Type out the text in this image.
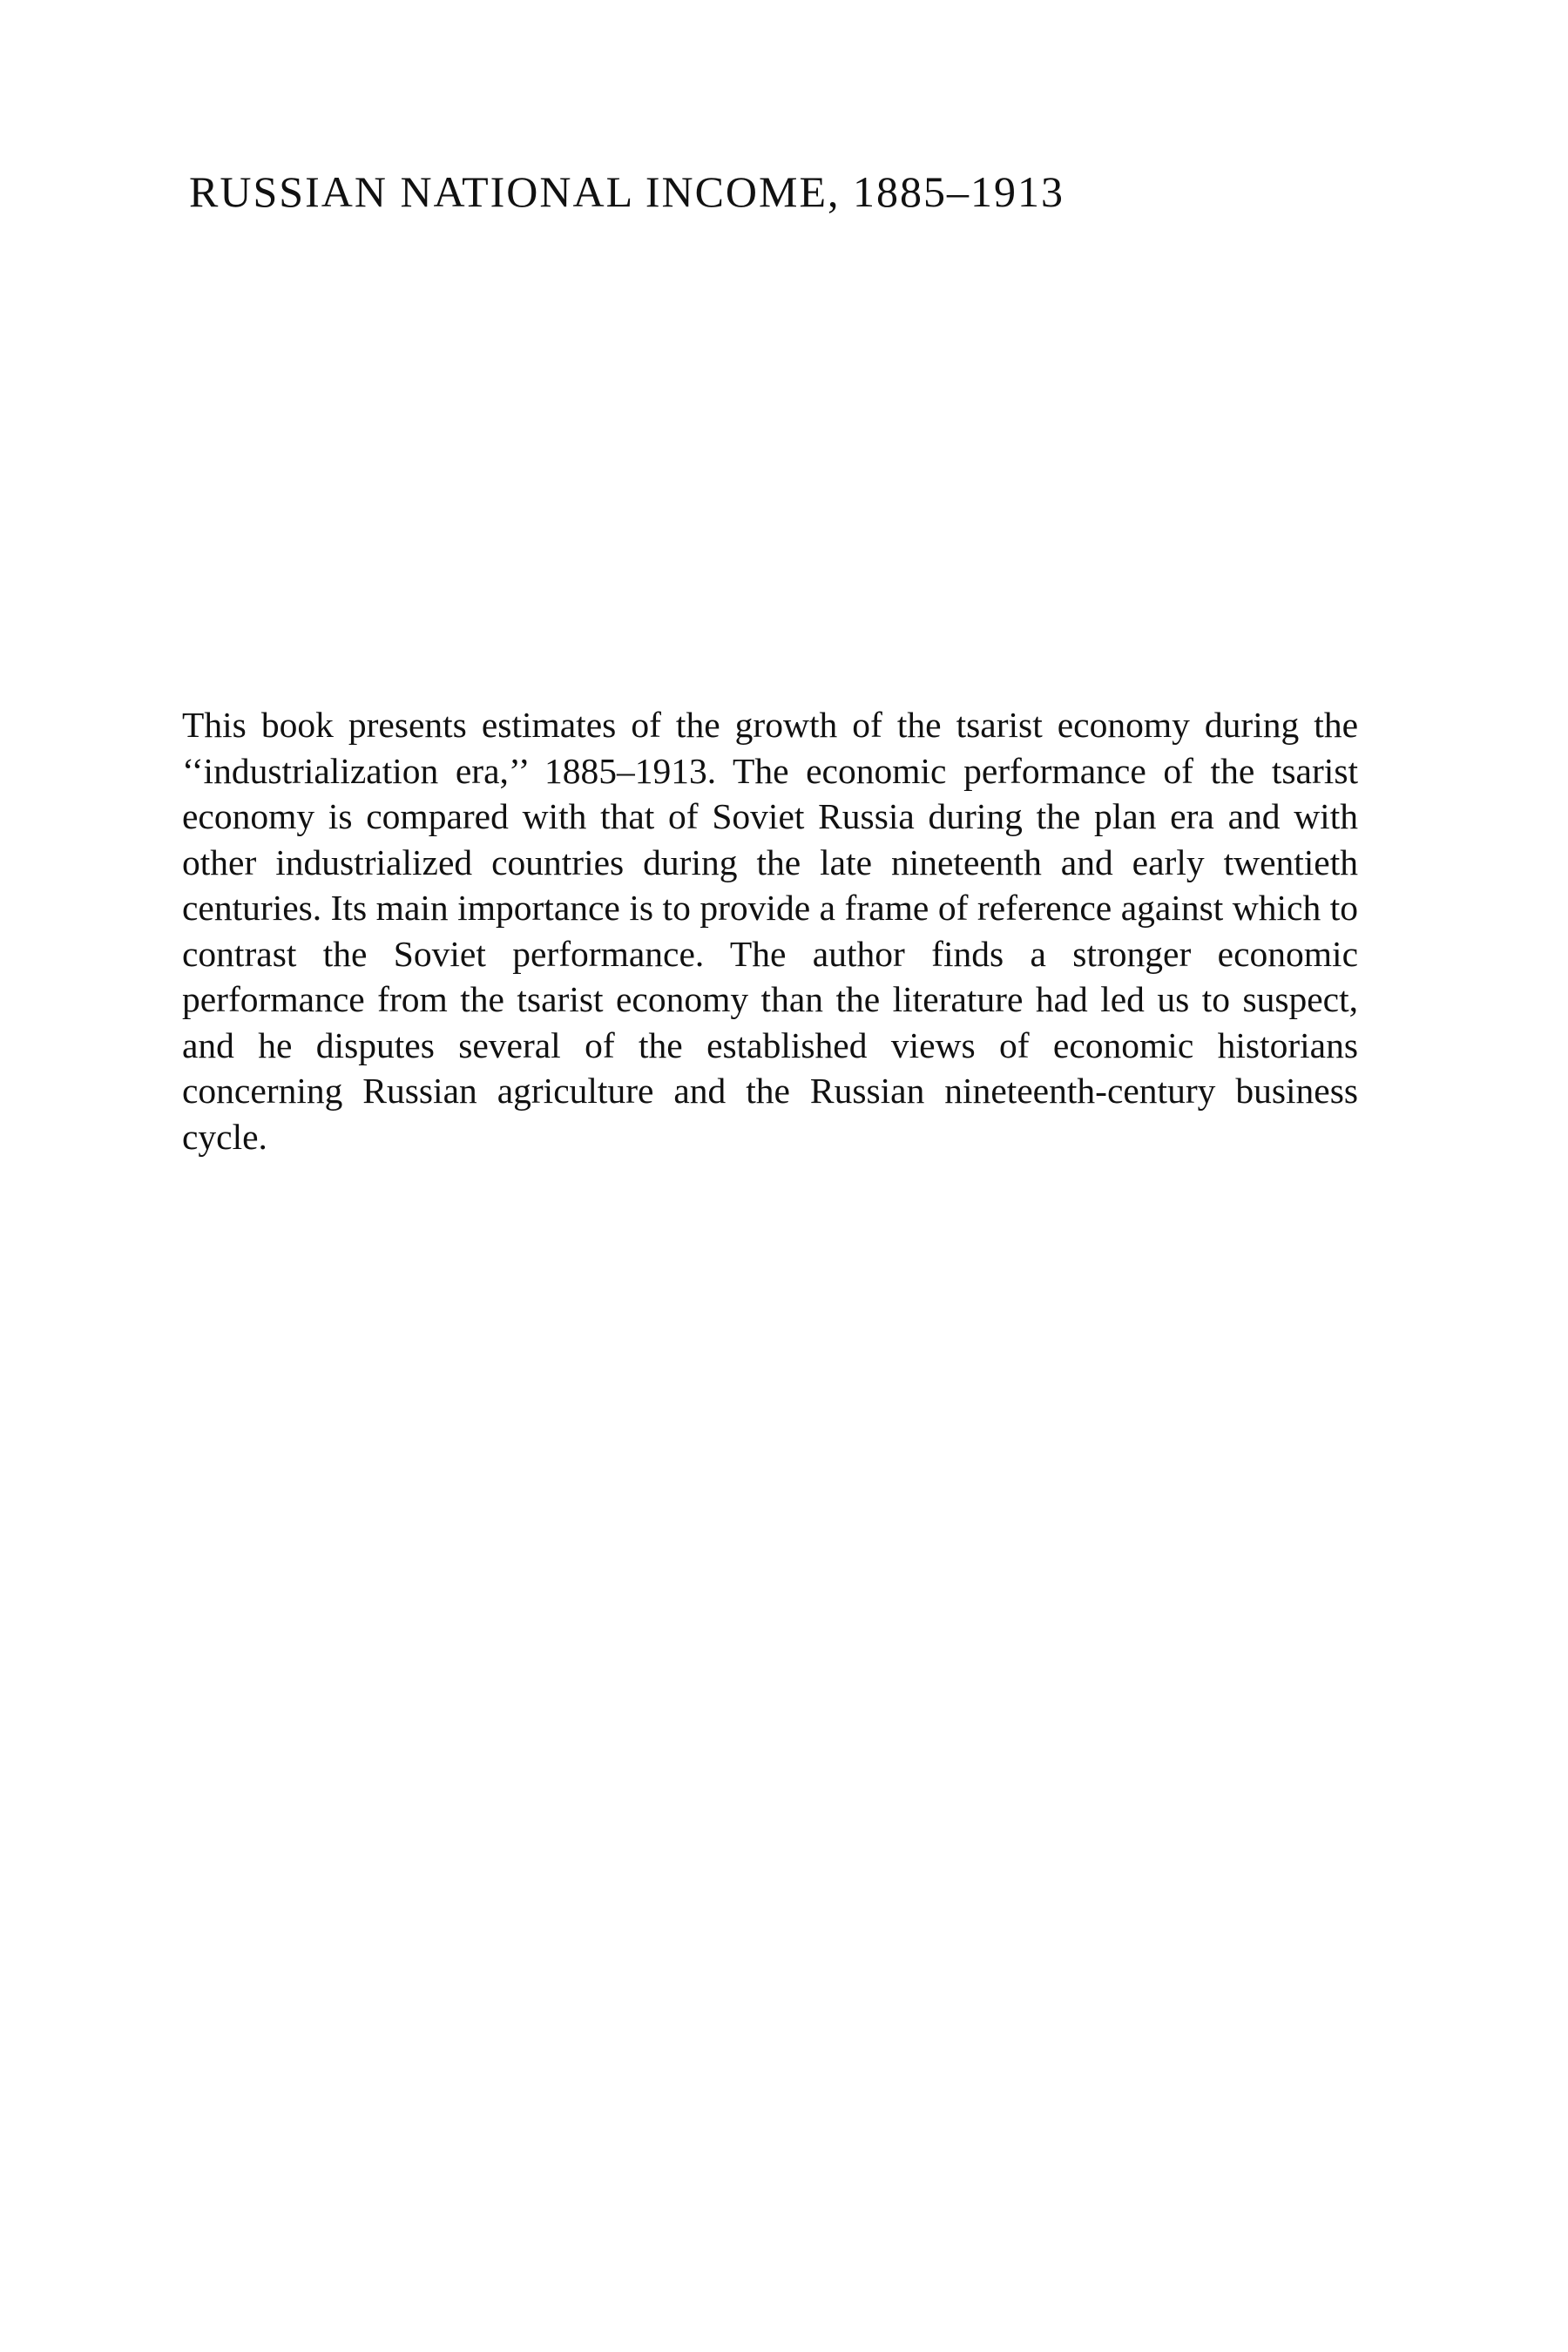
RUSSIAN NATIONAL INCOME, 1885–1913

This book presents estimates of the growth of the tsarist economy during the ‘‘industrialization era,’’ 1885–1913. The economic performance of the tsarist economy is compared with that of Soviet Russia during the plan era and with other industrialized countries during the late nineteenth and early twentieth centuries. Its main importance is to provide a frame of reference against which to contrast the Soviet performance. The author finds a stronger economic performance from the tsarist economy than the literature had led us to suspect, and he disputes several of the established views of economic historians concerning Russian agriculture and the Russian nineteenth-century business cycle.
